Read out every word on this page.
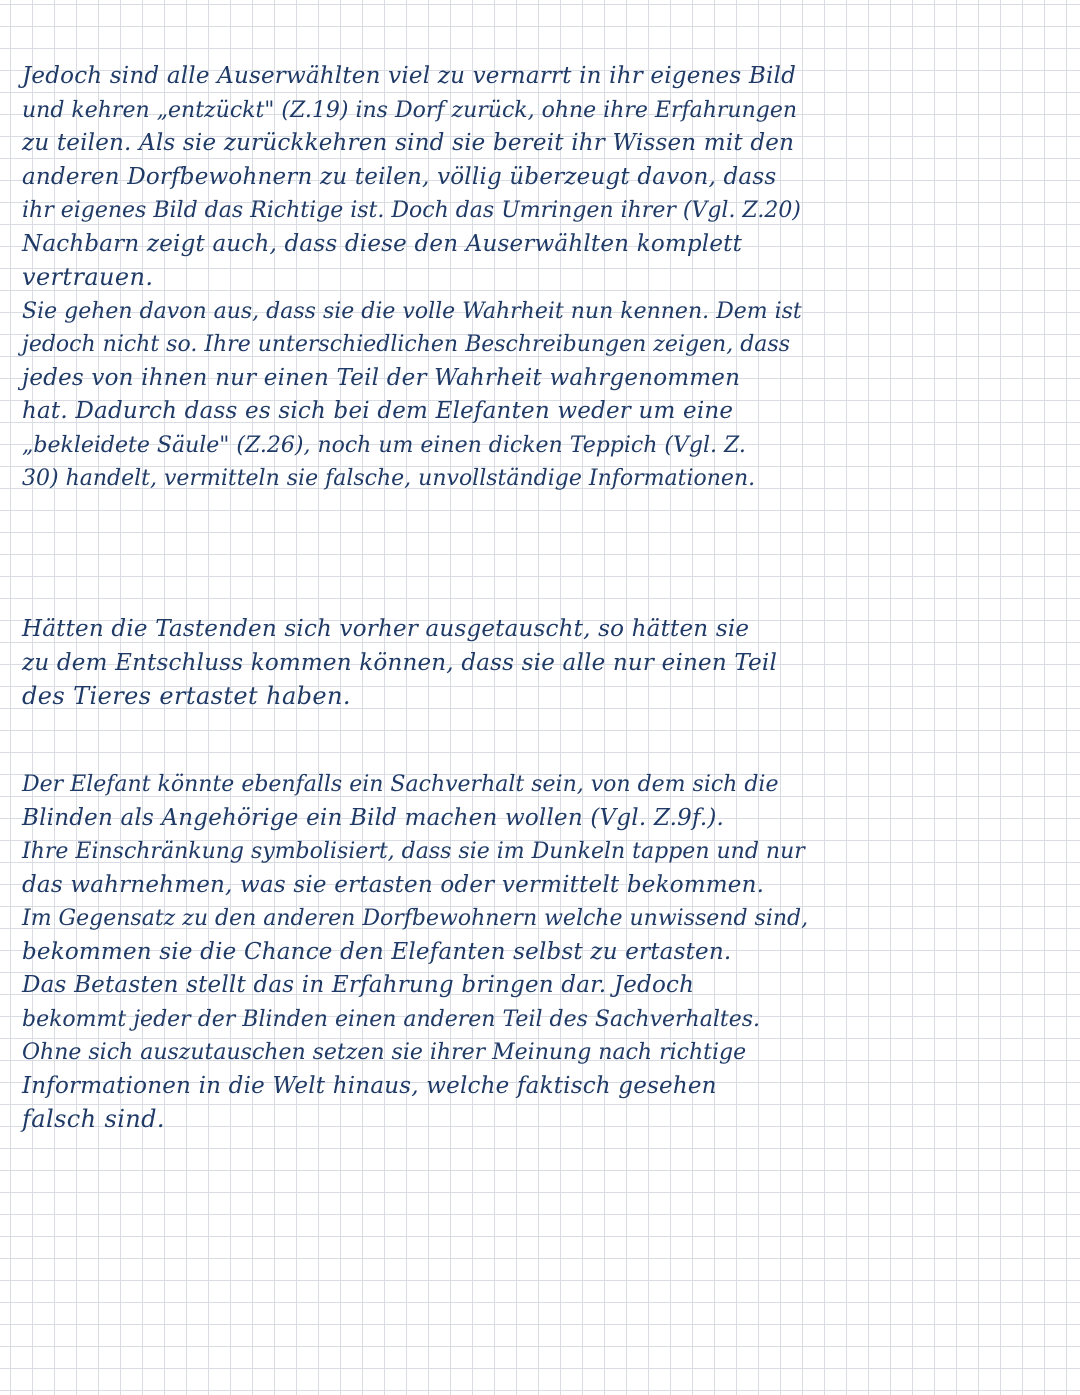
Jedoch sind alle Auserwählten viel zu vernarrt in ihr eigenes Bild
und kehren „entzückt" (Z.19) ins Dorf zurück, ohne ihre Erfahrungen
zu teilen. Als sie zurückkehren sind sie bereit ihr Wissen mit den
anderen Dorfbewohnern zu teilen, völlig überzeugt davon, dass
ihr eigenes Bild das Richtige ist. Doch das Umringen ihrer (Vgl. Z.20)
Nachbarn zeigt auch, dass diese den Auserwählten komplett
vertrauen.
Sie gehen davon aus, dass sie die volle Wahrheit nun kennen. Dem ist
jedoch nicht so. Ihre unterschiedlichen Beschreibungen zeigen, dass
jedes von ihnen nur einen Teil der Wahrheit wahrgenommen
hat. Dadurch dass es sich bei dem Elefanten weder um eine
„bekleidete Säule" (Z.26), noch um einen dicken Teppich (Vgl. Z.
30) handelt, vermitteln sie falsche, unvollständige Informationen.
Hätten die Tastenden sich vorher ausgetauscht, so hätten sie
zu dem Entschluss kommen können, dass sie alle nur einen Teil
des Tieres ertastet haben.
Der Elefant könnte ebenfalls ein Sachverhalt sein, von dem sich die
Blinden als Angehörige ein Bild machen wollen (Vgl. Z.9f.).
Ihre Einschränkung symbolisiert, dass sie im Dunkeln tappen und nur
das wahrnehmen, was sie ertasten oder vermittelt bekommen.
Im Gegensatz zu den anderen Dorfbewohnern welche unwissend sind,
bekommen sie die Chance den Elefanten selbst zu ertasten.
Das Betasten stellt das in Erfahrung bringen dar. Jedoch
bekommt jeder der Blinden einen anderen Teil des Sachverhaltes.
Ohne sich auszutauschen setzen sie ihrer Meinung nach richtige
Informationen in die Welt hinaus, welche faktisch gesehen
falsch sind.
